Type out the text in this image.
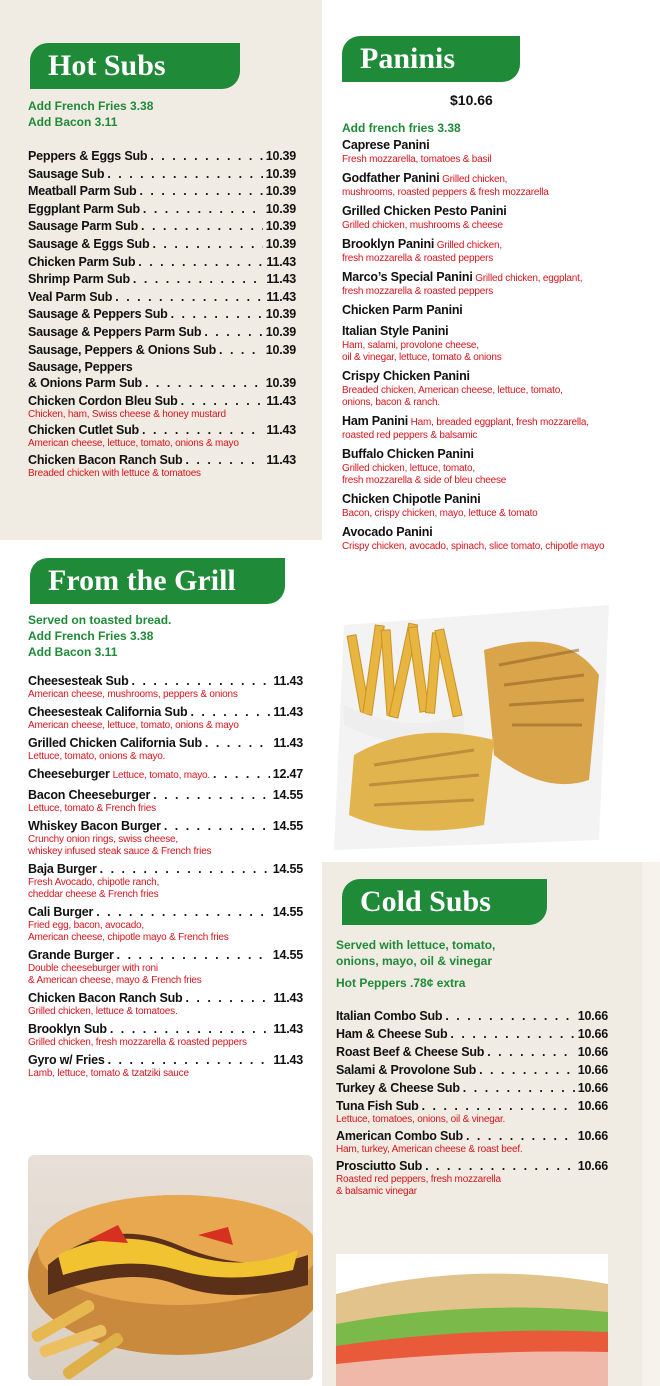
Hot Subs
Add French Fries 3.38
Add Bacon 3.11
Peppers & Eggs Sub . . .	10.39
Sausage Sub . . .	10.39
Meatball Parm Sub . . .	10.39
Eggplant Parm Sub . . .	10.39
Sausage Parm Sub . . .	10.39
Sausage & Eggs Sub . . .	10.39
Chicken Parm Sub . . .	11.43
Shrimp Parm Sub . . .	11.43
Veal Parm Sub . . .	11.43
Sausage & Peppers Sub . . .	10.39
Sausage & Peppers Parm Sub . . .	10.39
Sausage, Peppers & Onions Sub . . .	10.39
Sausage, Peppers
& Onions Parm Sub . . .	10.39
Chicken Cordon Bleu Sub . . .	11.43
Chicken, ham, Swiss cheese & honey mustard
Chicken Cutlet Sub . . .	11.43
American cheese, lettuce, tomato, onions & mayo
Chicken Bacon Ranch Sub . . .	11.43
Breaded chicken with lettuce & tomatoes
From the Grill
Served on toasted bread.
Add French Fries 3.38
Add Bacon 3.11
Cheesesteak Sub . . .	11.43
American cheese, mushrooms, peppers & onions
Cheesesteak California Sub . . .	11.43
American cheese, lettuce, tomato, onions & mayo
Grilled Chicken California Sub . . .	11.43
Lettuce, tomato, onions & mayo.
Cheeseburger Lettuce, tomato, mayo. . . .	12.47
Bacon Cheeseburger . . .	14.55
Lettuce, tomato & French fries
Whiskey Bacon Burger . . .	14.55
Crunchy onion rings, swiss cheese,
whiskey infused steak sauce & French fries
Baja Burger . . .	14.55
Fresh Avocado, chipotle ranch,
cheddar cheese & French fries
Cali Burger . . .	14.55
Fried egg, bacon, avocado,
American cheese, chipotle mayo & French fries
Grande Burger . . .	14.55
Double cheeseburger with roni
& American cheese, mayo & French fries
Chicken Bacon Ranch Sub . . .	11.43
Grilled chicken, lettuce & tomatoes.
Brooklyn Sub . . .	11.43
Grilled chicken, fresh mozzarella & roasted peppers
Gyro w/ Fries . . .	11.43
Lamb, lettuce, tomato & tzatziki sauce
Paninis
$10.66
Add french fries 3.38
Caprese Panini
Fresh mozzarella, tomatoes & basil
Godfather Panini Grilled chicken,
mushrooms, roasted peppers & fresh mozzarella
Grilled Chicken Pesto Panini
Grilled chicken, mushrooms & cheese
Brooklyn Panini Grilled chicken,
fresh mozzarella & roasted peppers
Marco’s Special Panini Grilled chicken, eggplant,
fresh mozzarella & roasted peppers
Chicken Parm Panini
Italian Style Panini
Ham, salami, provolone cheese,
oil & vinegar, lettuce, tomato & onions
Crispy Chicken Panini
Breaded chicken, American cheese, lettuce, tomato,
onions, bacon & ranch.
Ham Panini Ham, breaded eggplant, fresh mozzarella,
roasted red peppers & balsamic
Buffalo Chicken Panini
Grilled chicken, lettuce, tomato,
fresh mozzarella & side of bleu cheese
Chicken Chipotle Panini
Bacon, crispy chicken, mayo, lettuce & tomato
Avocado Panini
Crispy chicken, avocado, spinach, slice tomato, chipotle mayo
Cold Subs
Served with lettuce, tomato,
onions, mayo, oil & vinegar
Hot Peppers .78¢ extra
Italian Combo Sub . . .	10.66
Ham & Cheese Sub . . .	10.66
Roast Beef & Cheese Sub . . .	10.66
Salami & Provolone Sub . . .	10.66
Turkey & Cheese Sub . . .	10.66
Tuna Fish Sub . . .	10.66
Lettuce, tomatoes, onions, oil & vinegar.
American Combo Sub . . .	10.66
Ham, turkey, American cheese & roast beef.
Prosciutto Sub . . .	10.66
Roasted red peppers, fresh mozzarella
& balsamic vinegar
